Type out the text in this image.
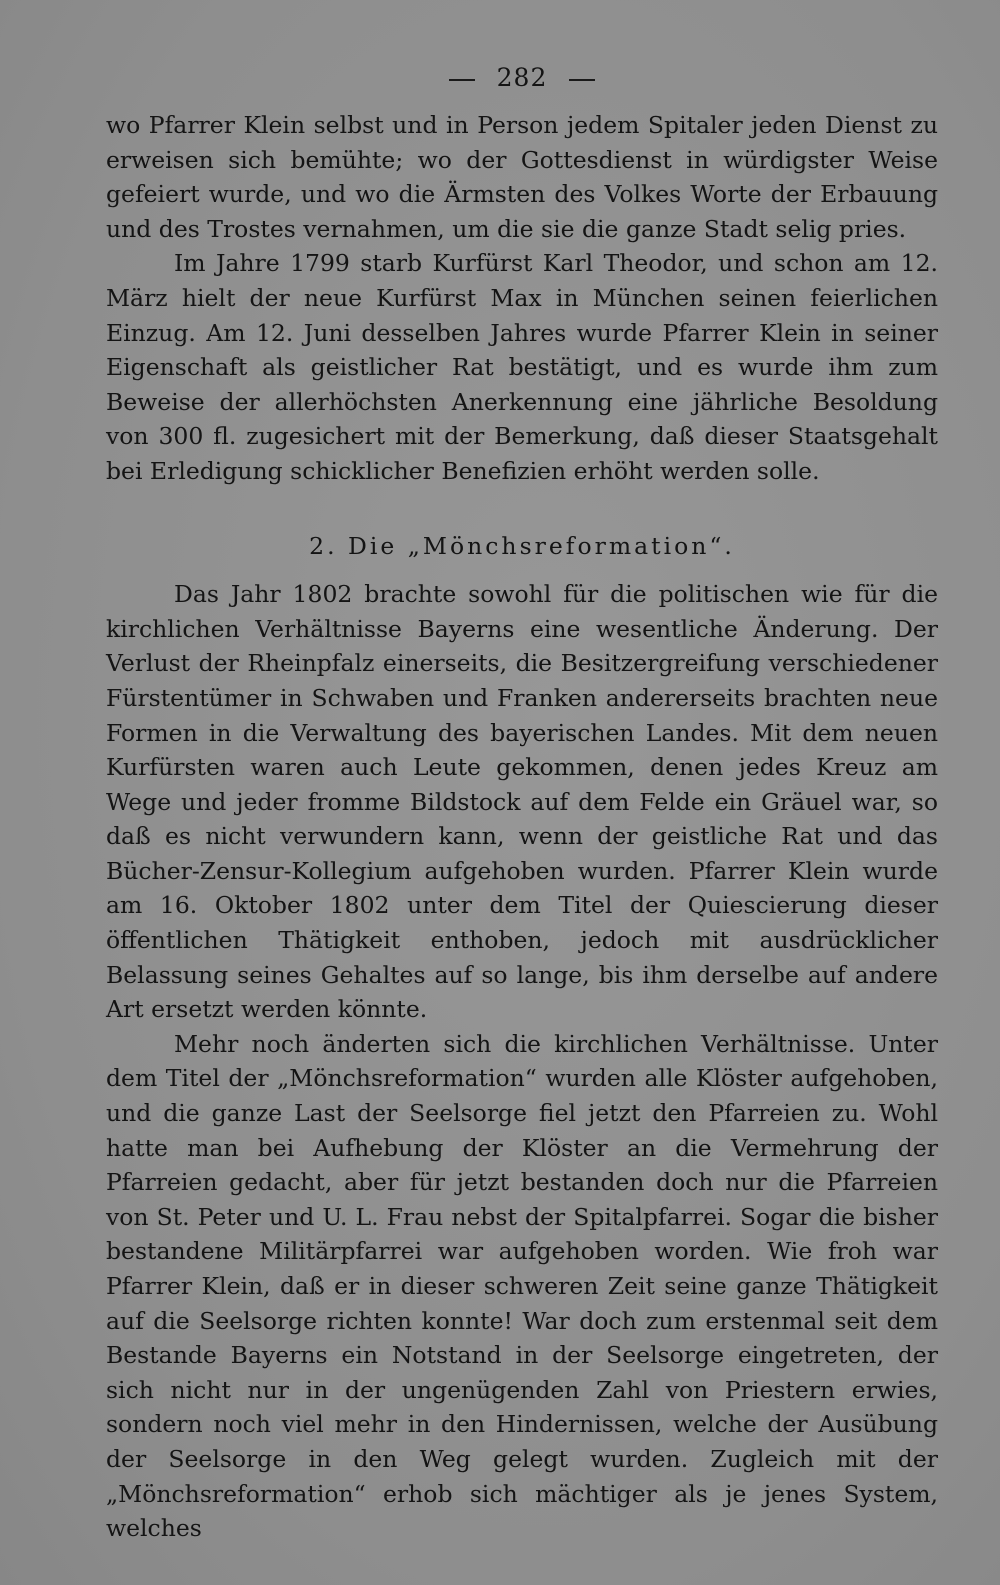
282

wo Pfarrer Klein selbst und in Person jedem Spitaler jeden Dienst zu erweisen sich bemühte; wo der Gottesdienst in würdigster Weise gefeiert wurde, und wo die Ärmsten des Volkes Worte der Erbauung und des Trostes vernahmen, um die sie die ganze Stadt selig pries.

Im Jahre 1799 starb Kurfürst Karl Theodor, und schon am 12. März hielt der neue Kurfürst Max in München seinen feierlichen Einzug. Am 12. Juni desselben Jahres wurde Pfarrer Klein in seiner Eigenschaft als geistlicher Rat bestätigt, und es wurde ihm zum Beweise der allerhöchsten Anerkennung eine jährliche Besoldung von 300 fl. zugesichert mit der Bemerkung, daß dieser Staatsgehalt bei Erledigung schicklicher Benefizien erhöht werden solle.

2. Die „Mönchsreformation“.

Das Jahr 1802 brachte sowohl für die politischen wie für die kirchlichen Verhältnisse Bayerns eine wesentliche Änderung. Der Verlust der Rheinpfalz einerseits, die Besitzergreifung verschiedener Fürstentümer in Schwaben und Franken andererseits brachten neue Formen in die Verwaltung des bayerischen Landes. Mit dem neuen Kurfürsten waren auch Leute gekommen, denen jedes Kreuz am Wege und jeder fromme Bildstock auf dem Felde ein Gräuel war, so daß es nicht verwundern kann, wenn der geistliche Rat und das Bücher-Zensur-Kollegium aufgehoben wurden. Pfarrer Klein wurde am 16. Oktober 1802 unter dem Titel der Quiescierung dieser öffentlichen Thätigkeit enthoben, jedoch mit ausdrücklicher Belassung seines Gehaltes auf so lange, bis ihm derselbe auf andere Art ersetzt werden könnte.

Mehr noch änderten sich die kirchlichen Verhältnisse. Unter dem Titel der „Mönchsreformation“ wurden alle Klöster aufgehoben, und die ganze Last der Seelsorge fiel jetzt den Pfarreien zu. Wohl hatte man bei Aufhebung der Klöster an die Vermehrung der Pfarreien gedacht, aber für jetzt bestanden doch nur die Pfarreien von St. Peter und U. L. Frau nebst der Spitalpfarrei. Sogar die bisher bestandene Militärpfarrei war aufgehoben worden. Wie froh war Pfarrer Klein, daß er in dieser schweren Zeit seine ganze Thätigkeit auf die Seelsorge richten konnte! War doch zum erstenmal seit dem Bestande Bayerns ein Notstand in der Seelsorge eingetreten, der sich nicht nur in der ungenügenden Zahl von Priestern erwies, sondern noch viel mehr in den Hindernissen, welche der Ausübung der Seelsorge in den Weg gelegt wurden. Zugleich mit der „Mönchsreformation“ erhob sich mächtiger als je jenes System, welches
